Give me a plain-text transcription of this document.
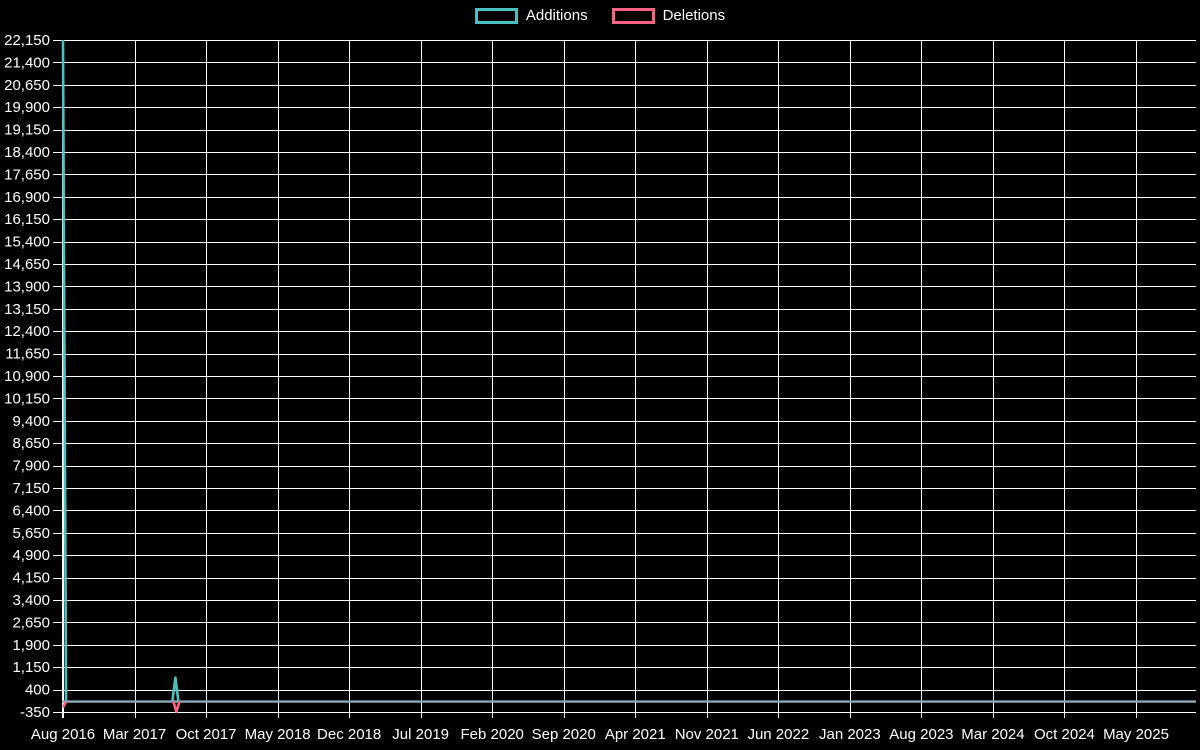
Additions	Deletions
22,150
21,400
20,650
19,900
19,150
18,400
17,650
16,900
16,150
15,400
14,650
13,900
13,150
12,400
11,650
10,900
10,150
9,400
8,650
7,900
7,150
6,400
5,650
4,900
4,150
3,400
2,650
1,900
1,150
400
-350
Aug 2016 Mar 2017 Oct 2017 May 2018 Dec 2018 Jul 2019 Feb 2020 Sep 2020 Apr 2021 Nov 2021 Jun 2022 Jan 2023 Aug 2023 Mar 2024 Oct 2024 May 2025
